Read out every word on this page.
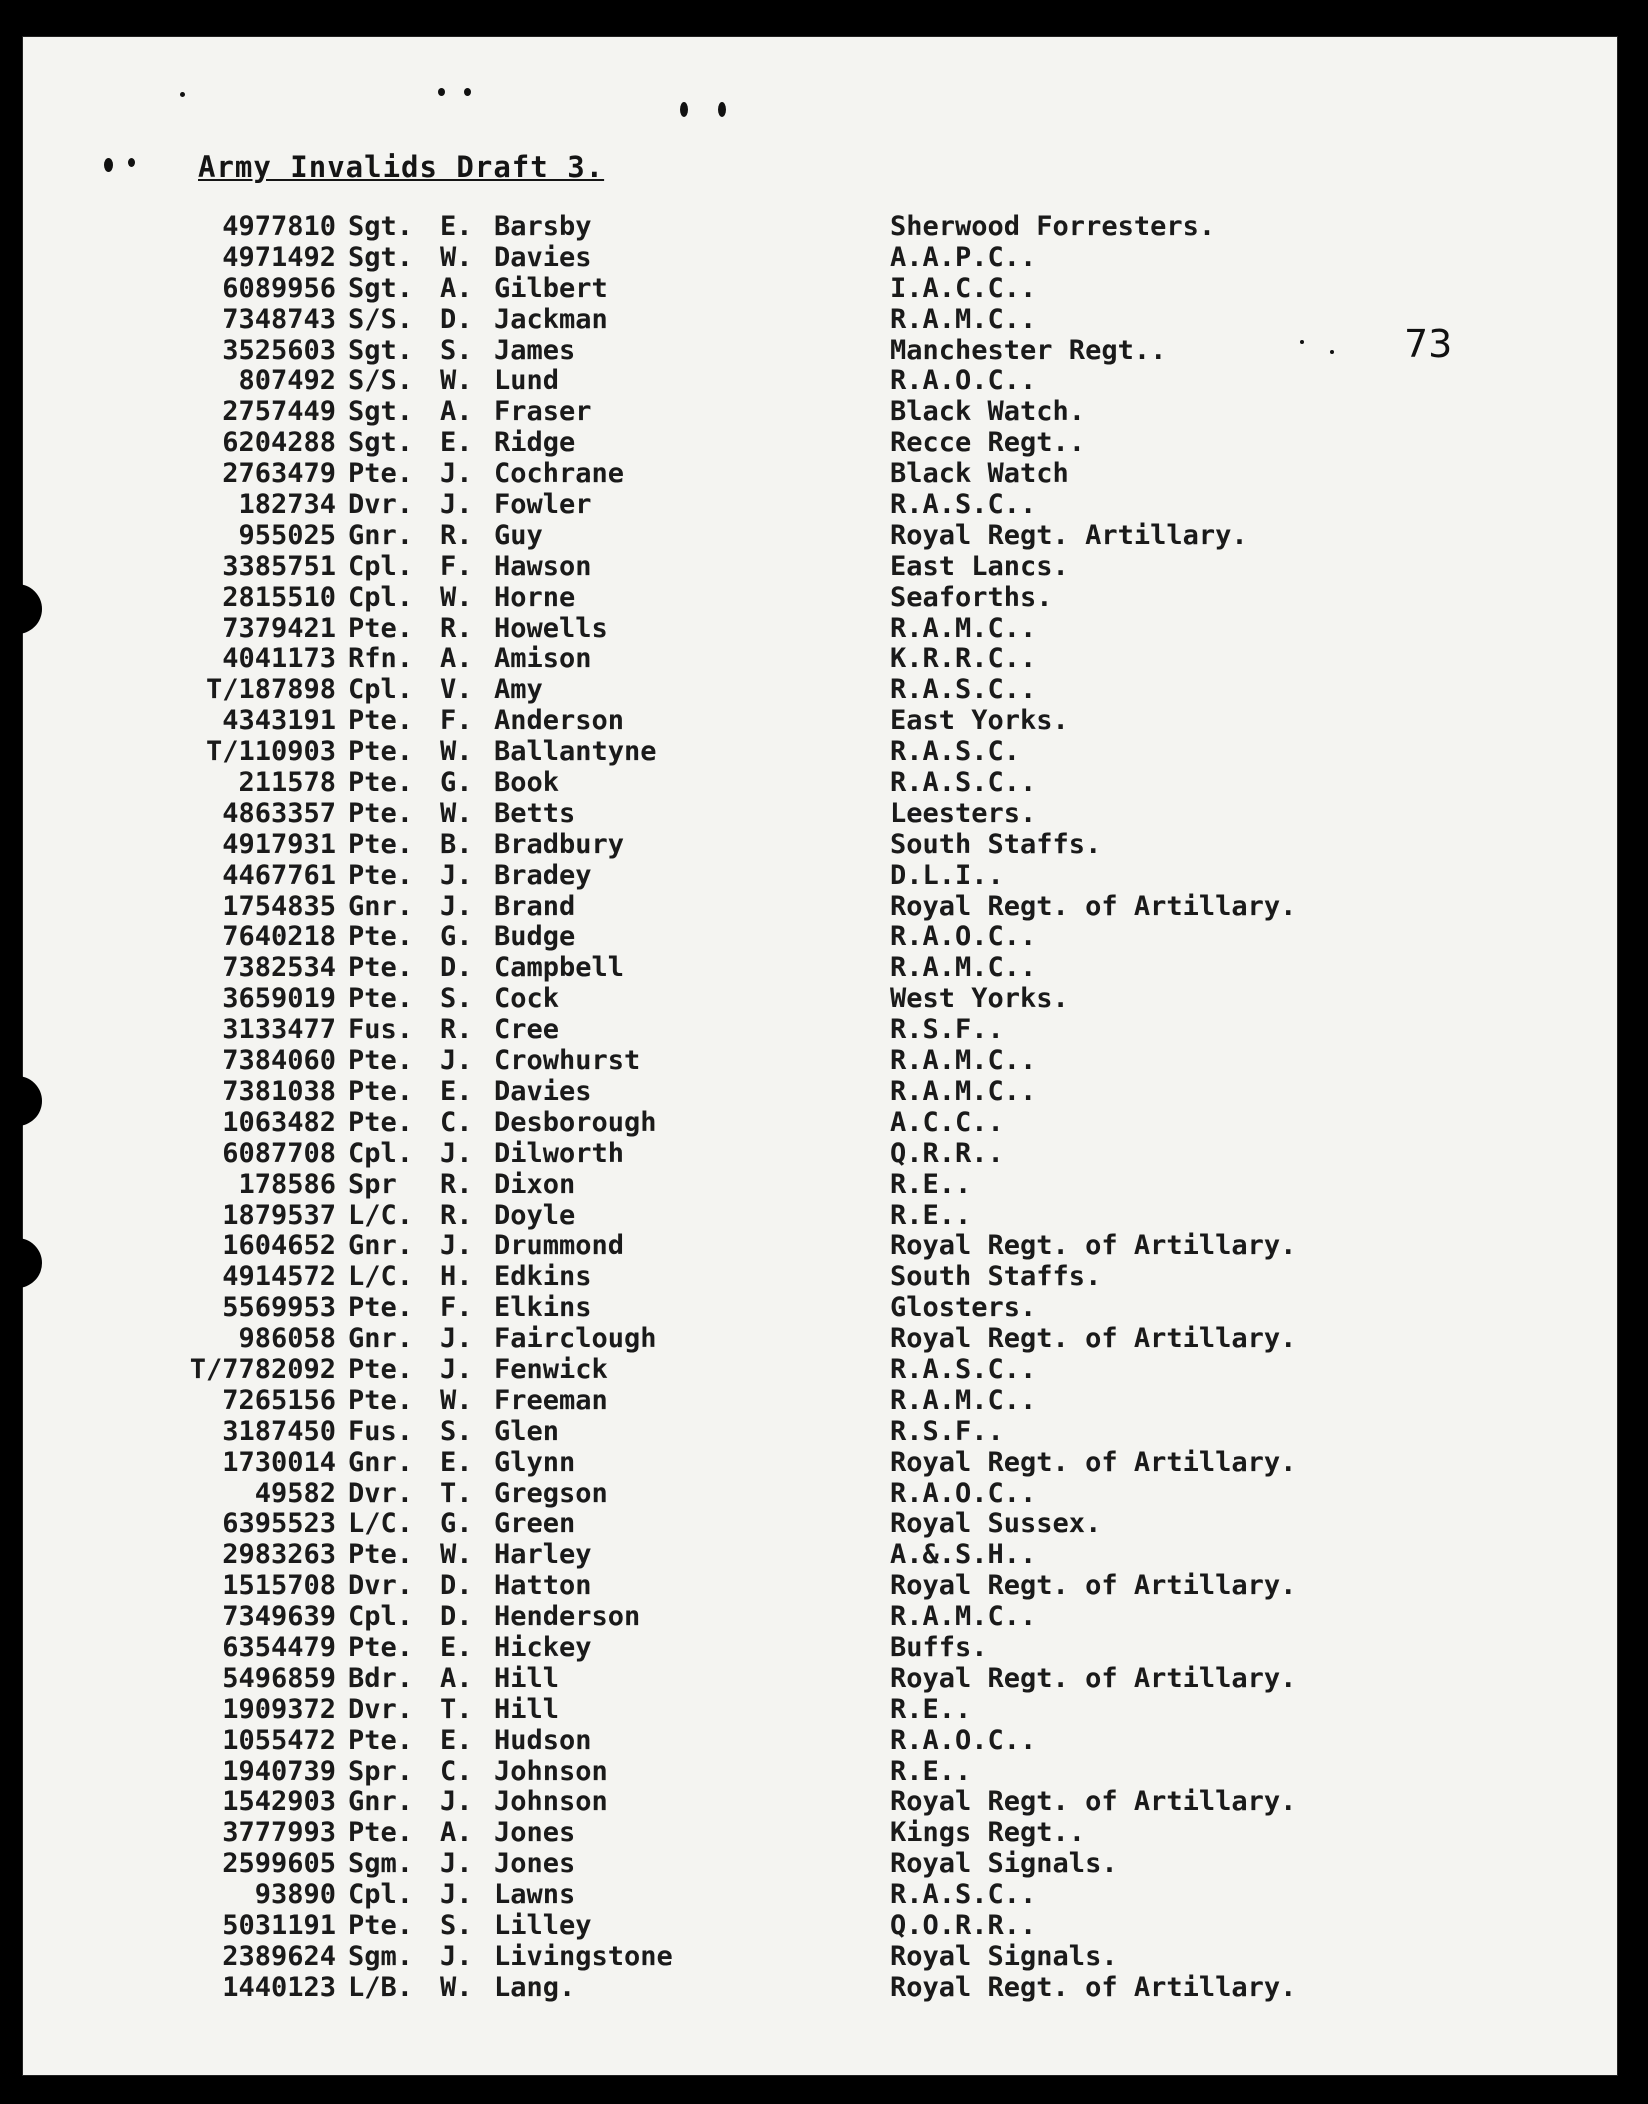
Army Invalids Draft 3.
73
4977810 Sgt. E. Barsby	Sherwood Forresters.
4971492 Sgt. W. Davies	A.A.P.C..
6089956 Sgt. A. Gilbert	I.A.C.C..
7348743 S/S. D. Jackman	R.A.M.C..
3525603 Sgt. S. James	Manchester Regt..
807492 S/S. W. Lund	R.A.O.C..
2757449 Sgt. A. Fraser	Black Watch.
6204288 Sgt. E. Ridge	Recce Regt..
2763479 Pte. J. Cochrane	Black Watch
182734 Dvr. J. Fowler	R.A.S.C..
955025 Gnr. R. Guy	Royal Regt. Artillary.
3385751 Cpl. F. Hawson	East Lancs.
2815510 Cpl. W. Horne	Seaforths.
7379421 Pte. R. Howells	R.A.M.C..
4041173 Rfn. A. Amison	K.R.R.C..
T/187898 Cpl. V. Amy	R.A.S.C..
4343191 Pte. F. Anderson	East Yorks.
T/110903 Pte. W. Ballantyne	R.A.S.C.
211578 Pte. G. Book	R.A.S.C..
4863357 Pte. W. Betts	Leesters.
4917931 Pte. B. Bradbury	South Staffs.
4467761 Pte. J. Bradey	D.L.I..
1754835 Gnr. J. Brand	Royal Regt. of Artillary.
7640218 Pte. G. Budge	R.A.O.C..
7382534 Pte. D. Campbell	R.A.M.C..
3659019 Pte. S. Cock	West Yorks.
3133477 Fus. R. Cree	R.S.F..
7384060 Pte. J. Crowhurst	R.A.M.C..
7381038 Pte. E. Davies	R.A.M.C..
1063482 Pte. C. Desborough	A.C.C..
6087708 Cpl. J. Dilworth	Q.R.R..
178586 Spr R. Dixon	R.E..
1879537 L/C. R. Doyle	R.E..
1604652 Gnr. J. Drummond	Royal Regt. of Artillary.
4914572 L/C. H. Edkins	South Staffs.
5569953 Pte. F. Elkins	Glosters.
986058 Gnr. J. Fairclough	Royal Regt. of Artillary.
T/7782092 Pte. J. Fenwick	R.A.S.C..
7265156 Pte. W. Freeman	R.A.M.C..
3187450 Fus. S. Glen	R.S.F..
1730014 Gnr. E. Glynn	Royal Regt. of Artillary.
49582 Dvr. T. Gregson	R.A.O.C..
6395523 L/C. G. Green	Royal Sussex.
2983263 Pte. W. Harley	A.&.S.H..
1515708 Dvr. D. Hatton	Royal Regt. of Artillary.
7349639 Cpl. D. Henderson	R.A.M.C..
6354479 Pte. E. Hickey	Buffs.
5496859 Bdr. A. Hill	Royal Regt. of Artillary.
1909372 Dvr. T. Hill	R.E..
1055472 Pte. E. Hudson	R.A.O.C..
1940739 Spr. C. Johnson	R.E..
1542903 Gnr. J. Johnson	Royal Regt. of Artillary.
3777993 Pte. A. Jones	Kings Regt..
2599605 Sgm. J. Jones	Royal Signals.
93890 Cpl. J. Lawns	R.A.S.C..
5031191 Pte. S. Lilley	Q.O.R.R..
2389624 Sgm. J. Livingstone	Royal Signals.
1440123 L/B. W. Lang.	Royal Regt. of Artillary.
